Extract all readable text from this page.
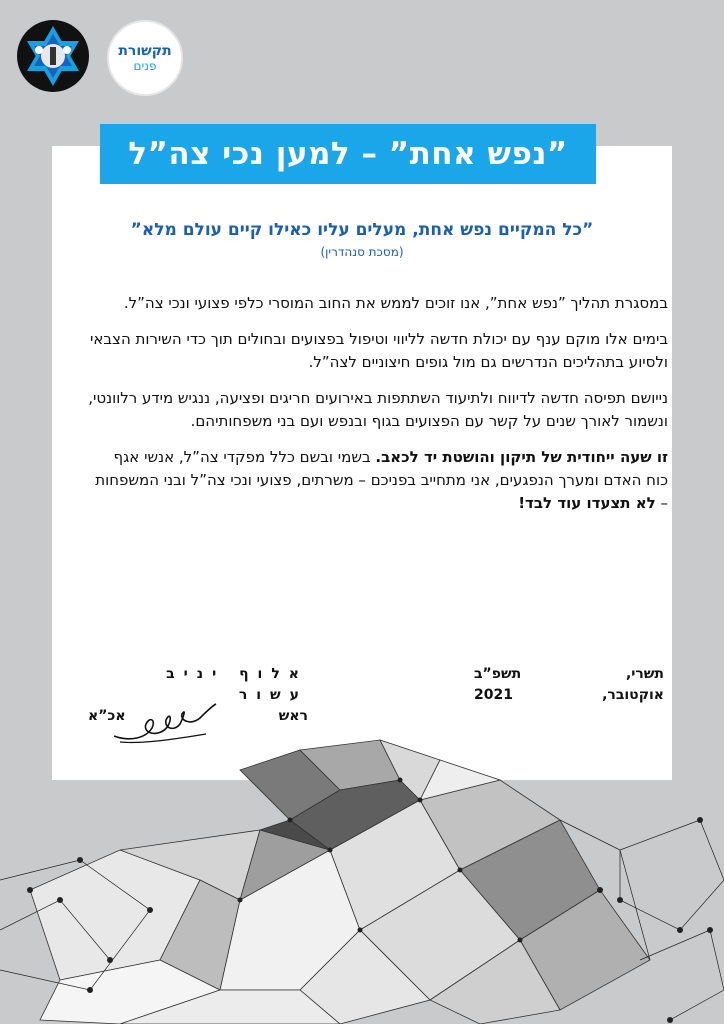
תקשורת
פנים
”נפש אחת” – למען נכי צה”ל
”כל המקיים נפש אחת, מעלים עליו כאילו קיים עולם מלא”
(מסכת סנהדרין)

במסגרת תהליך ”נפש אחת”, אנו זוכים לממש את החוב המוסרי כלפי פצועי ונכי צה”ל.

בימים אלו מוקם ענף עם יכולת חדשה לליווי וטיפול בפצועים ובחולים תוך כדי השירות הצבאי ולסיוע בתהליכים הנדרשים גם מול גופים חיצוניים לצה”ל.

נייושם תפיסה חדשה לדיווח ולתיעוד השתתפות באירועים חריגים ופציעה, ננגיש מידע רלוונטי, ונשמור לאורך שנים על קשר עם הפצועים בגוף ובנפש ועם בני משפחותיהם.

זו שעה ייחודית של תיקון והושטת יד לכאב. בשמי ובשם כלל מפקדי צה”ל, אנשי אגף כוח האדם ומערך הנפגעים, אני מתחייב בפניכם – משרתים, פצועי ונכי צה”ל ובני המשפחות – לא תצעדו עוד לבד!

תשרי,
תשפ”ב
אוקטובר,
2021
אלוף יניב עשור
ראש
אכ”א
